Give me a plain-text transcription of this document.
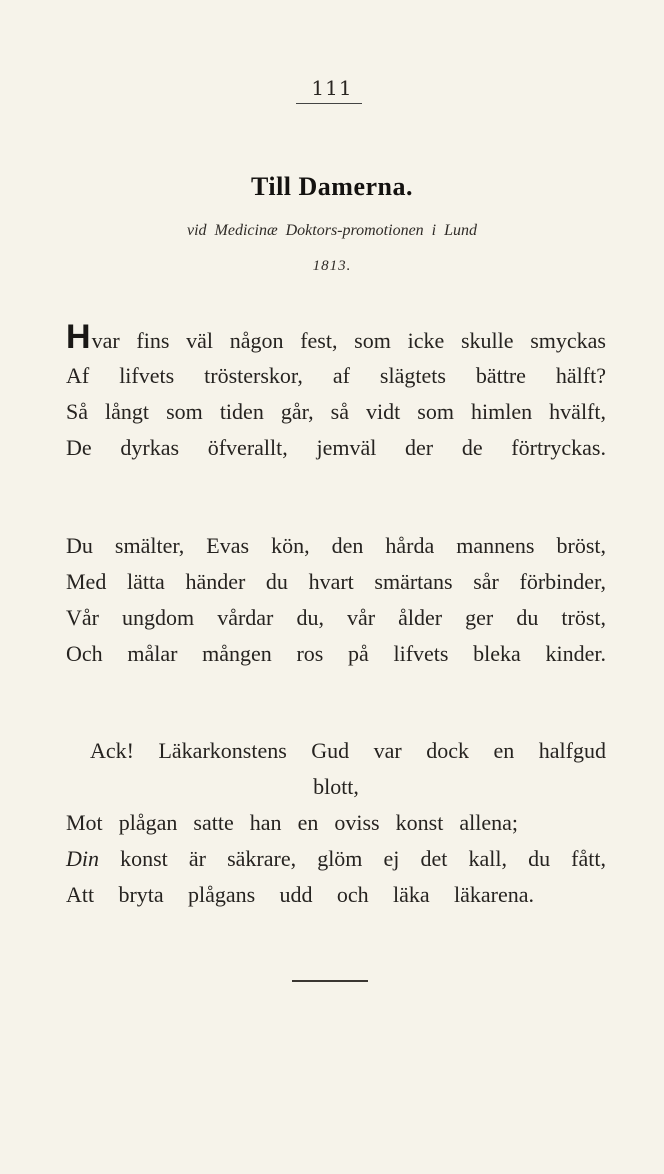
111
Till Damerna.
vid  Medicinæ  Doktors-promotionen  i  Lund
1813.
Hvar fins väl någon fest, som icke skulle smyckas
Af lifvets trösterskor, af slägtets bättre hälft?
Så långt som tiden går, så vidt som himlen hvälft,
De dyrkas öfverallt, jemväl der de förtryckas.
Du smälter, Evas kön, den hårda mannens bröst,
Med lätta händer du hvart smärtans sår förbinder,
Vår ungdom vårdar du, vår ålder ger du tröst,
Och målar mången ros på lifvets bleka kinder.
Ack! Läkarkonstens Gud var dock en halfgud
blott,
Mot plågan satte han en oviss konst allena;
Din konst är säkrare, glöm ej det kall, du fått,
Att bryta plågans udd och läka läkarena.
